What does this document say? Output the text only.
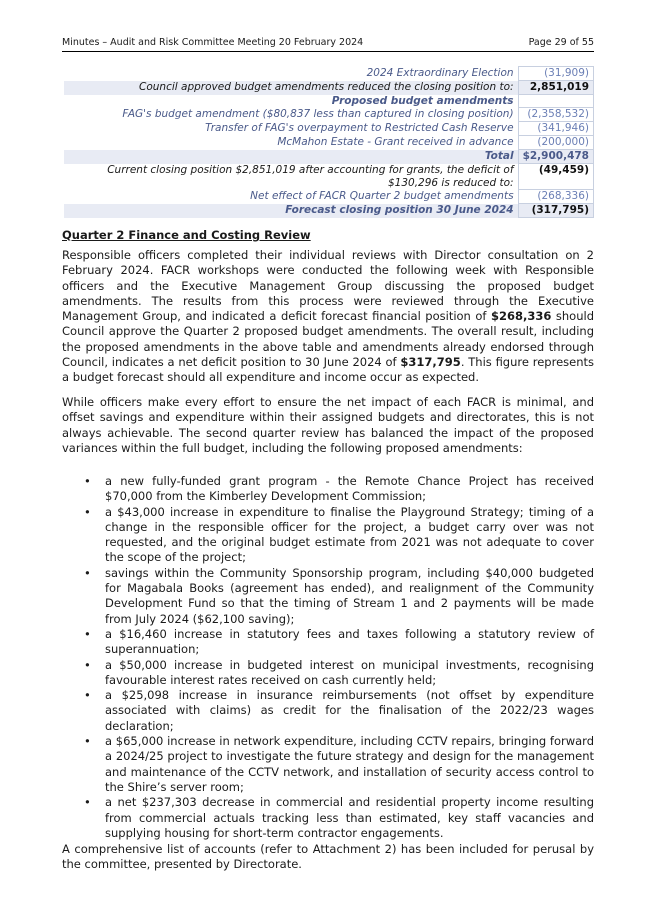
Minutes – Audit and Risk Committee Meeting 20 February 2024	Page 29 of 55
2024 Extraordinary Election	(31,909)
Council approved budget amendments reduced the closing position to:	2,851,019
Proposed budget amendments	
FAG's budget amendment ($80,837 less than captured in closing position)	(2,358,532)
Transfer of FAG's overpayment to Restricted Cash Reserve	(341,946)
McMahon Estate - Grant received in advance	(200,000)
Total	$2,900,478
Current closing position $2,851,019 after accounting for grants, the deficit of $130,296 is reduced to:	(49,459)
Net effect of FACR Quarter 2 budget amendments	(268,336)
Forecast closing position 30 June 2024	(317,795)
Quarter 2 Finance and Costing Review

Responsible officers completed their individual reviews with Director consultation on 2 February 2024. FACR workshops were conducted the following week with Responsible officers and the Executive Management Group discussing the proposed budget amendments. The results from this process were reviewed through the Executive Management Group, and indicated a deficit forecast financial position of $268,336 should Council approve the Quarter 2 proposed budget amendments. The overall result, including the proposed amendments in the above table and amendments already endorsed through Council, indicates a net deficit position to 30 June 2024 of $317,795. This figure represents a budget forecast should all expenditure and income occur as expected.

While officers make every effort to ensure the net impact of each FACR is minimal, and offset savings and expenditure within their assigned budgets and directorates, this is not always achievable. The second quarter review has balanced the impact of the proposed variances within the full budget, including the following proposed amendments:

• a new fully-funded grant program - the Remote Chance Project has received $70,000 from the Kimberley Development Commission;
• a $43,000 increase in expenditure to finalise the Playground Strategy; timing of a change in the responsible officer for the project, a budget carry over was not requested, and the original budget estimate from 2021 was not adequate to cover the scope of the project;
• savings within the Community Sponsorship program, including $40,000 budgeted for Magabala Books (agreement has ended), and realignment of the Community Development Fund so that the timing of Stream 1 and 2 payments will be made from July 2024 ($62,100 saving);
• a $16,460 increase in statutory fees and taxes following a statutory review of superannuation;
• a $50,000 increase in budgeted interest on municipal investments, recognising favourable interest rates received on cash currently held;
• a $25,098 increase in insurance reimbursements (not offset by expenditure associated with claims) as credit for the finalisation of the 2022/23 wages declaration;
• a $65,000 increase in network expenditure, including CCTV repairs, bringing forward a 2024/25 project to investigate the future strategy and design for the management and maintenance of the CCTV network, and installation of security access control to the Shire’s server room;
• a net $237,303 decrease in commercial and residential property income resulting from commercial actuals tracking less than estimated, key staff vacancies and supplying housing for short-term contractor engagements.

A comprehensive list of accounts (refer to Attachment 2) has been included for perusal by the committee, presented by Directorate.
